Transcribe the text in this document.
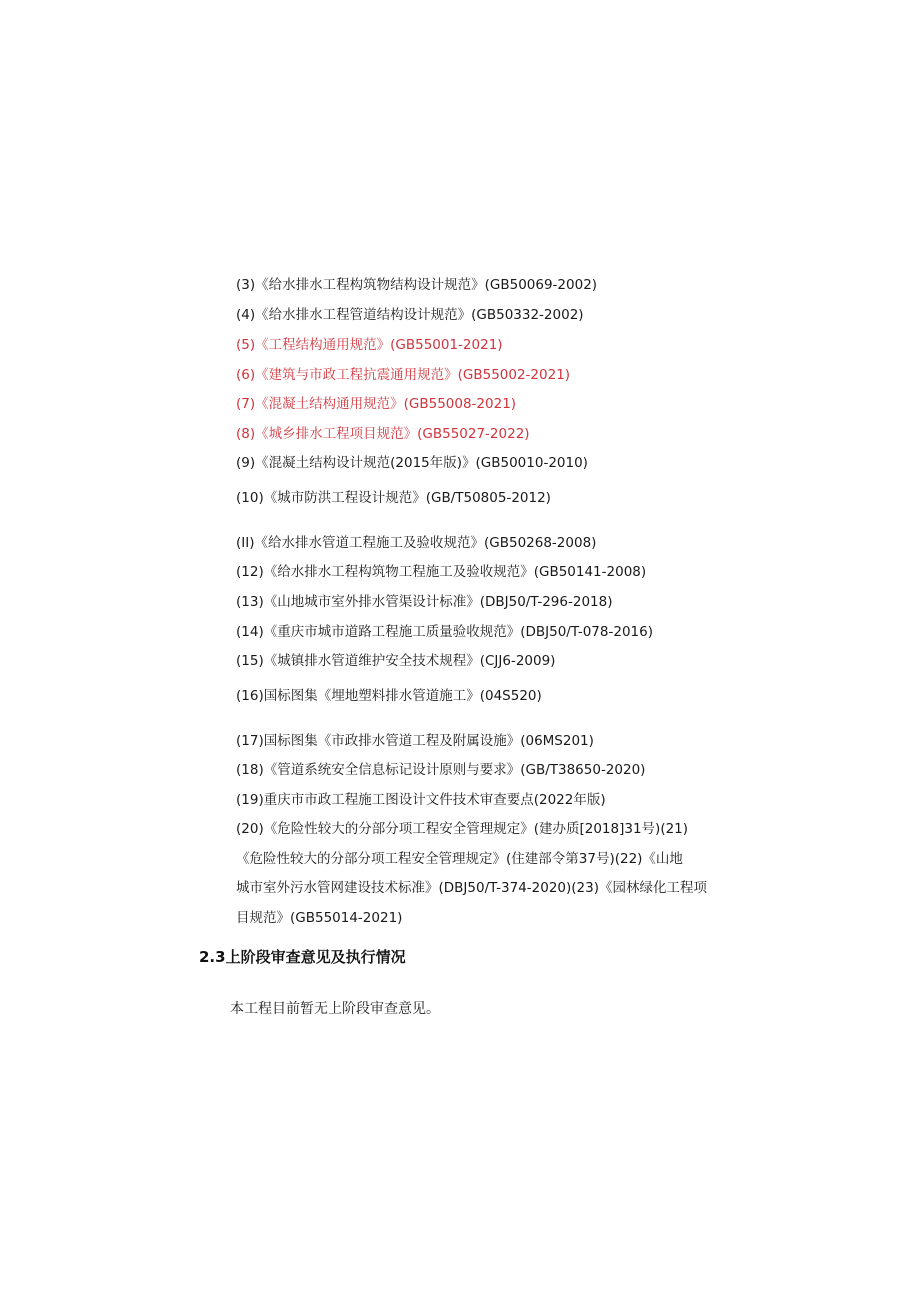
(3)《给水排水工程构筑物结构设计规范》(GB50069-2002)
(4)《给水排水工程管道结构设计规范》(GB50332-2002)
(5)《工程结构通用规范》(GB55001-2021)
(6)《建筑与市政工程抗震通用规范》(GB55002-2021)
(7)《混凝土结构通用规范》(GB55008-2021)
(8)《城乡排水工程项目规范》(GB55027-2022)
(9)《混凝土结构设计规范(2015年版)》(GB50010-2010)
(10)《城市防洪工程设计规范》(GB/T50805-2012)
(II)《给水排水管道工程施工及验收规范》(GB50268-2008)
(12)《给水排水工程构筑物工程施工及验收规范》(GB50141-2008)
(13)《山地城市室外排水管渠设计标准》(DBJ50/T-296-2018)
(14)《重庆市城市道路工程施工质量验收规范》(DBJ50/T-078-2016)
(15)《城镇排水管道维护安全技术规程》(CJJ6-2009)
(16)国标图集《埋地塑料排水管道施工》(04S520)
(17)国标图集《市政排水管道工程及附属设施》(06MS201)
(18)《管道系统安全信息标记设计原则与要求》(GB/T38650-2020)
(19)重庆市市政工程施工图设计文件技术审查要点(2022年版)
(20)《危险性较大的分部分项工程安全管理规定》(建办质[2018]31号)(21)
《危险性较大的分部分项工程安全管理规定》(住建部令第37号)(22)《山地
城市室外污水管网建设技术标准》(DBJ50/T-374-2020)(23)《园林绿化工程项
目规范》(GB55014-2021)
2.3上阶段审查意见及执行情况
本工程目前暂无上阶段审查意见。
